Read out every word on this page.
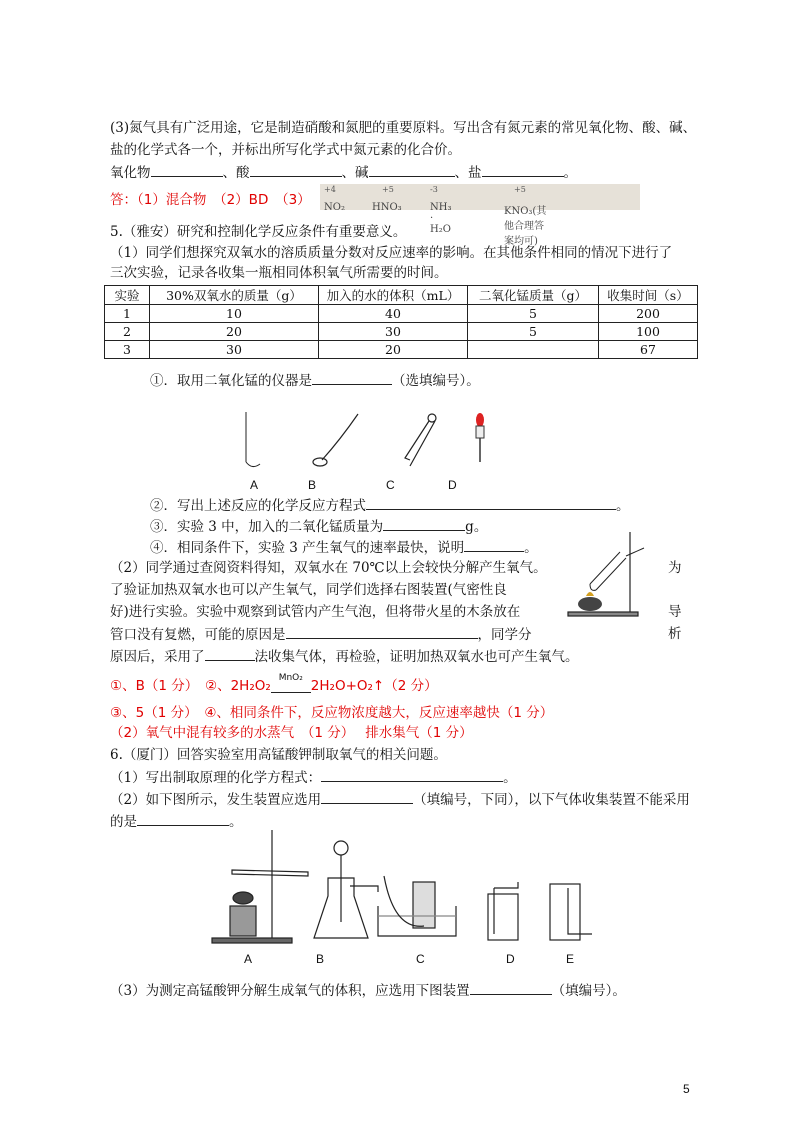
(3)氮气具有广泛用途，它是制造硝酸和氮肥的重要原料。写出含有氮元素的常见氧化物、酸、碱、
盐的化学式各一个，并标出所写化学式中氮元素的化合价。
氧化物	、酸	、碱	、盐	。
答：（1）混合物　（2）BD　（3）
+4
NO₂
+5
HNO₃
-3
NH₃ · H₂O
+5
KNO₃(其他合理答案均可)
5.（雅安）研究和控制化学反应条件有重要意义。
（1）同学们想探究双氧水的溶质质量分数对反应速率的影响。在其他条件相同的情况下进行了
三次实验，记录各收集一瓶相同体积氧气所需要的时间。
实验	30%双氧水的质量（g）	加入的水的体积（mL）	二氧化锰质量（g）	收集时间（s）
1	10	40	5	200
2	20	30	5	100
3	30	20		67
①．取用二氧化锰的仪器是	（选填编号）。
A	B	C	D
②．写出上述反应的化学反应方程式	。
③．实验 3 中，加入的二氧化锰质量为	g。
④．相同条件下，实验 3 产生氧气的速率最快，说明	。
（2）同学通过查阅资料得知，双氧水在 70℃以上会较快分解产生氧气。	为
了验证加热双氧水也可以产生氧气，同学们选择右图装置(气密性良
好)进行实验。实验中观察到试管内产生气泡，但将带火星的木条放在	导
管口没有复燃，可能的原因是	，同学分	析
原因后，采用了	法收集气体，再检验，证明加热双氧水也可产生氧气。
①、B（1 分）　②、2H₂O₂
MnO₂
2H₂O+O₂↑（2 分）
③、5（1 分）　④、相同条件下，反应物浓度越大，反应速率越快（1 分）
（2）氧气中混有较多的水蒸气　（1 分）　 排水集气（1 分）
6.（厦门）回答实验室用高锰酸钾制取氧气的相关问题。
（1）写出制取原理的化学方程式：	。
（2）如下图所示，发生装置应选用	（填编号，下同），以下气体收集装置不能采用
的是	。
A	B	C	D	E
（3）为测定高锰酸钾分解生成氧气的体积，应选用下图装置	（填编号）。
5
